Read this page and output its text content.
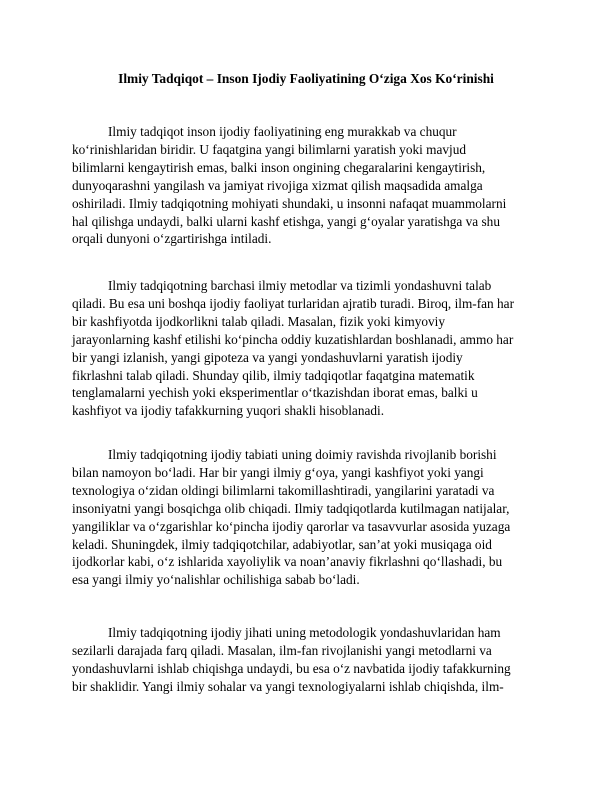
Ilmiy Tadqiqot – Inson Ijodiy Faoliyatining O‘ziga Xos Ko‘rinishi
Ilmiy tadqiqot inson ijodiy faoliyatining eng murakkab va chuqur
ko‘rinishlaridan biridir. U faqatgina yangi bilimlarni yaratish yoki mavjud
bilimlarni kengaytirish emas, balki inson ongining chegaralarini kengaytirish,
dunyoqarashni yangilash va jamiyat rivojiga xizmat qilish maqsadida amalga
oshiriladi. Ilmiy tadqiqotning mohiyati shundaki, u insonni nafaqat muammolarni
hal qilishga undaydi, balki ularni kashf etishga, yangi g‘oyalar yaratishga va shu
orqali dunyoni o‘zgartirishga intiladi.
Ilmiy tadqiqotning barchasi ilmiy metodlar va tizimli yondashuvni talab
qiladi. Bu esa uni boshqa ijodiy faoliyat turlaridan ajratib turadi. Biroq, ilm-fan har
bir kashfiyotda ijodkorlikni talab qiladi. Masalan, fizik yoki kimyoviy
jarayonlarning kashf etilishi ko‘pincha oddiy kuzatishlardan boshlanadi, ammo har
bir yangi izlanish, yangi gipoteza va yangi yondashuvlarni yaratish ijodiy
fikrlashni talab qiladi. Shunday qilib, ilmiy tadqiqotlar faqatgina matematik
tenglamalarni yechish yoki eksperimentlar o‘tkazishdan iborat emas, balki u
kashfiyot va ijodiy tafakkurning yuqori shakli hisoblanadi.
Ilmiy tadqiqotning ijodiy tabiati uning doimiy ravishda rivojlanib borishi
bilan namoyon bo‘ladi. Har bir yangi ilmiy g‘oya, yangi kashfiyot yoki yangi
texnologiya o‘zidan oldingi bilimlarni takomillashtiradi, yangilarini yaratadi va
insoniyatni yangi bosqichga olib chiqadi. Ilmiy tadqiqotlarda kutilmagan natijalar,
yangiliklar va o‘zgarishlar ko‘pincha ijodiy qarorlar va tasavvurlar asosida yuzaga
keladi. Shuningdek, ilmiy tadqiqotchilar, adabiyotlar, san’at yoki musiqaga oid
ijodkorlar kabi, o‘z ishlarida xayoliylik va noan’anaviy fikrlashni qo‘llashadi, bu
esa yangi ilmiy yo‘nalishlar ochilishiga sabab bo‘ladi.
Ilmiy tadqiqotning ijodiy jihati uning metodologik yondashuvlaridan ham
sezilarli darajada farq qiladi. Masalan, ilm-fan rivojlanishi yangi metodlarni va
yondashuvlarni ishlab chiqishga undaydi, bu esa o‘z navbatida ijodiy tafakkurning
bir shaklidir. Yangi ilmiy sohalar va yangi texnologiyalarni ishlab chiqishda, ilm-
